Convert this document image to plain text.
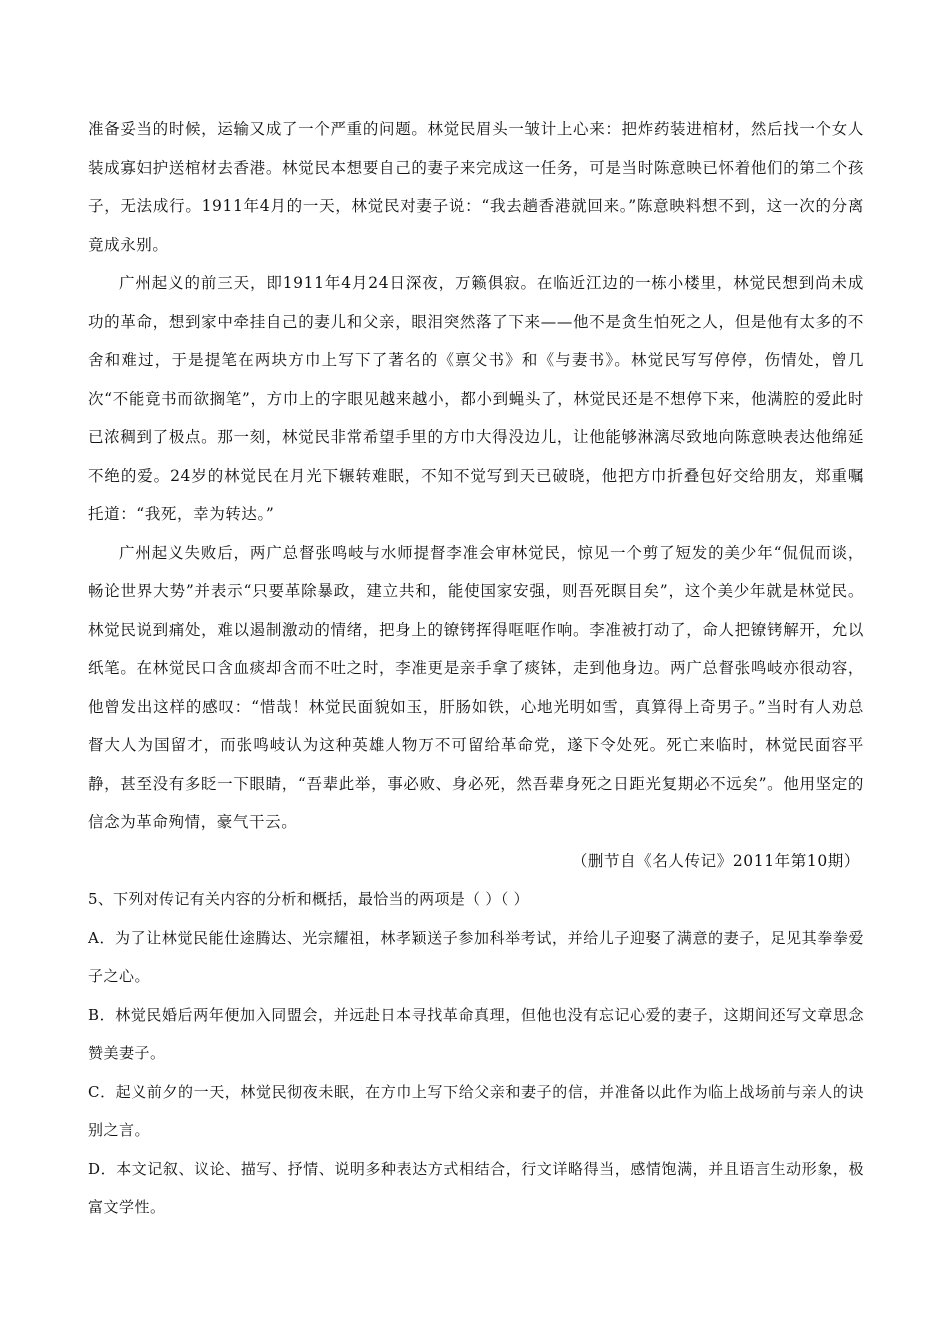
准备妥当的时候，运输又成了一个严重的问题。林觉民眉头一皱计上心来：把炸药装进棺材，然后找一个女人装成寡妇护送棺材去香港。林觉民本想要自己的妻子来完成这一任务，可是当时陈意映已怀着他们的第二个孩子，无法成行。1911年4月的一天，林觉民对妻子说：“我去趟香港就回来。”陈意映料想不到，这一次的分离竟成永别。

广州起义的前三天，即1911年4月24日深夜，万籁俱寂。在临近江边的一栋小楼里，林觉民想到尚未成功的革命，想到家中牵挂自己的妻儿和父亲，眼泪突然落了下来——他不是贪生怕死之人，但是他有太多的不舍和难过，于是提笔在两块方巾上写下了著名的《禀父书》和《与妻书》。林觉民写写停停，伤情处，曾几次“不能竟书而欲搁笔”，方巾上的字眼见越来越小，都小到蝇头了，林觉民还是不想停下来，他满腔的爱此时已浓稠到了极点。那一刻，林觉民非常希望手里的方巾大得没边儿，让他能够淋漓尽致地向陈意映表达他绵延不绝的爱。24岁的林觉民在月光下辗转难眠，不知不觉写到天已破晓，他把方巾折叠包好交给朋友，郑重嘱托道：“我死，幸为转达。”

广州起义失败后，两广总督张鸣岐与水师提督李准会审林觉民，惊见一个剪了短发的美少年“侃侃而谈，畅论世界大势”并表示“只要革除暴政，建立共和，能使国家安强，则吾死瞑目矣”，这个美少年就是林觉民。林觉民说到痛处，难以遏制激动的情绪，把身上的镣铐挥得哐哐作响。李准被打动了，命人把镣铐解开，允以纸笔。在林觉民口含血痰却含而不吐之时，李准更是亲手拿了痰钵，走到他身边。两广总督张鸣岐亦很动容，他曾发出这样的感叹：“惜哉！林觉民面貌如玉，肝肠如铁，心地光明如雪，真算得上奇男子。”当时有人劝总督大人为国留才，而张鸣岐认为这种英雄人物万不可留给革命党，遂下令处死。死亡来临时，林觉民面容平静，甚至没有多眨一下眼睛，“吾辈此举，事必败、身必死，然吾辈身死之日距光复期必不远矣”。他用坚定的信念为革命殉情，豪气干云。

（删节自《名人传记》2011年第10期）

5、下列对传记有关内容的分析和概括，最恰当的两项是（ ）（ ）

A．为了让林觉民能仕途腾达、光宗耀祖，林孝颖送子参加科举考试，并给儿子迎娶了满意的妻子，足见其拳拳爱子之心。

B．林觉民婚后两年便加入同盟会，并远赴日本寻找革命真理，但他也没有忘记心爱的妻子，这期间还写文章思念赞美妻子。

C．起义前夕的一天，林觉民彻夜未眠，在方巾上写下给父亲和妻子的信，并准备以此作为临上战场前与亲人的诀别之言。

D．本文记叙、议论、描写、抒情、说明多种表达方式相结合，行文详略得当，感情饱满，并且语言生动形象，极富文学性。
